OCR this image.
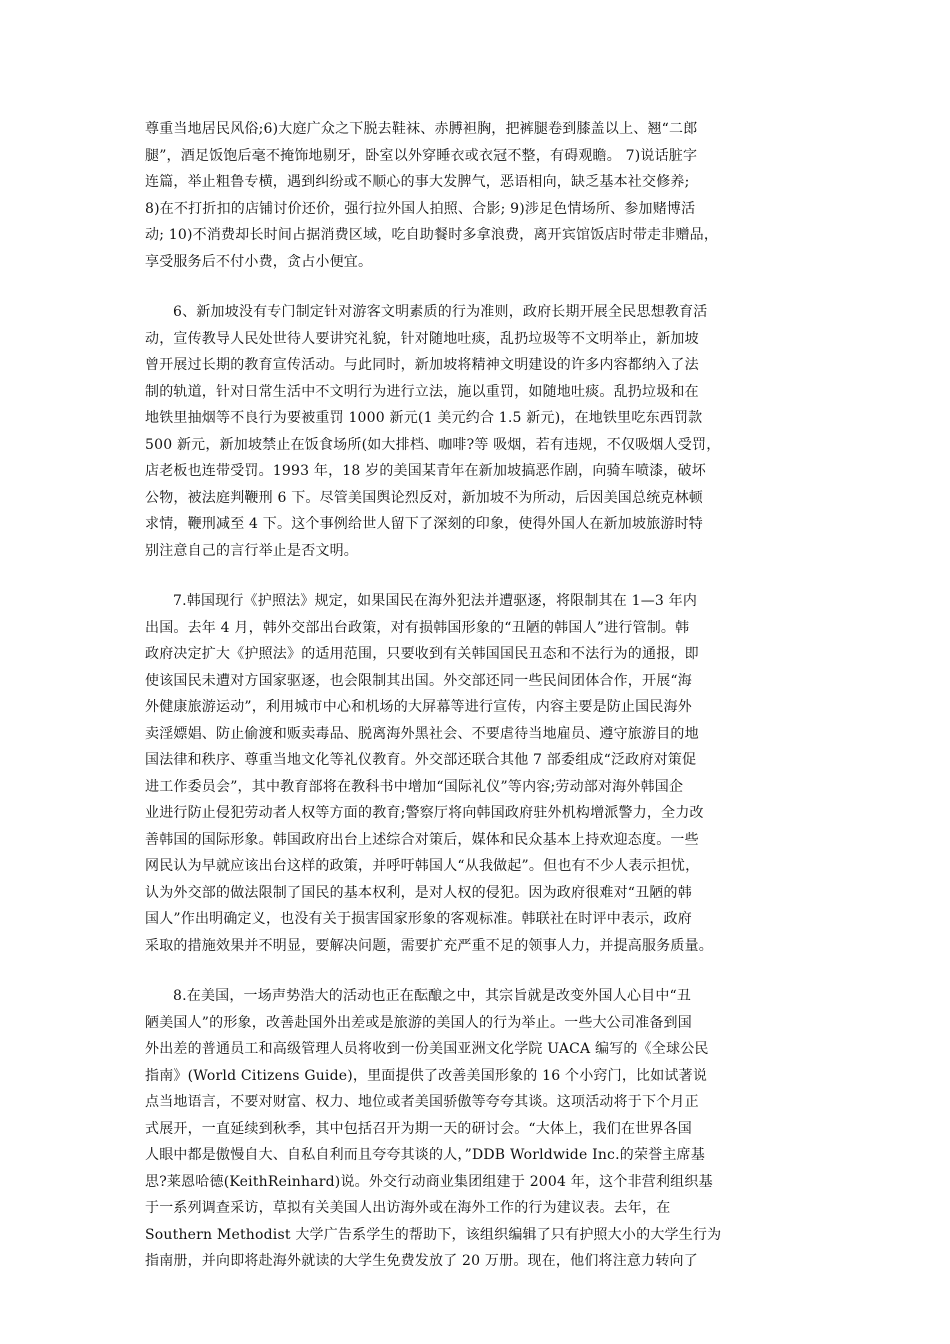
尊重当地居民风俗;6)大庭广众之下脱去鞋袜、赤膊袒胸，把裤腿卷到膝盖以上、翘“二郎
腿”，酒足饭饱后毫不掩饰地剔牙，卧室以外穿睡衣或衣冠不整，有碍观瞻。 7)说话脏字
连篇，举止粗鲁专横，遇到纠纷或不顺心的事大发脾气，恶语相向，缺乏基本社交修养;
8)在不打折扣的店铺讨价还价，强行拉外国人拍照、合影; 9)涉足色情场所、参加赌博活
动; 10)不消费却长时间占据消费区域，吃自助餐时多拿浪费，离开宾馆饭店时带走非赠品，
享受服务后不付小费，贪占小便宜。

6、新加坡没有专门制定针对游客文明素质的行为准则，政府长期开展全民思想教育活
动，宣传教导人民处世待人要讲究礼貌，针对随地吐痰，乱扔垃圾等不文明举止，新加坡
曾开展过长期的教育宣传活动。与此同时，新加坡将精神文明建设的许多内容都纳入了法
制的轨道，针对日常生活中不文明行为进行立法，施以重罚，如随地吐痰。乱扔垃圾和在
地铁里抽烟等不良行为要被重罚 1000 新元(1 美元约合 1.5 新元)，在地铁里吃东西罚款
500 新元，新加坡禁止在饭食场所(如大排档、咖啡?等 吸烟，若有违规，不仅吸烟人受罚，
店老板也连带受罚。1993 年，18 岁的美国某青年在新加坡搞恶作剧，向骑车喷漆，破坏
公物，被法庭判鞭刑 6 下。尽管美国舆论烈反对，新加坡不为所动，后因美国总统克林顿
求情，鞭刑减至 4 下。这个事例给世人留下了深刻的印象，使得外国人在新加坡旅游时特
别注意自己的言行举止是否文明。

7.韩国现行《护照法》规定，如果国民在海外犯法并遭驱逐，将限制其在 1—3 年内
出国。去年 4 月，韩外交部出台政策，对有损韩国形象的“丑陋的韩国人”进行管制。韩
政府决定扩大《护照法》的适用范围，只要收到有关韩国国民丑态和不法行为的通报，即
使该国民未遭对方国家驱逐，也会限制其出国。外交部还同一些民间团体合作，开展“海
外健康旅游运动”，利用城市中心和机场的大屏幕等进行宣传，内容主要是防止国民海外
卖淫嫖娼、防止偷渡和贩卖毒品、脱离海外黑社会、不要虐待当地雇员、遵守旅游目的地
国法律和秩序、尊重当地文化等礼仪教育。外交部还联合其他 7 部委组成“泛政府对策促
进工作委员会”，其中教育部将在教科书中增加“国际礼仪”等内容;劳动部对海外韩国企
业进行防止侵犯劳动者人权等方面的教育;警察厅将向韩国政府驻外机构增派警力，全力改
善韩国的国际形象。韩国政府出台上述综合对策后，媒体和民众基本上持欢迎态度。一些
网民认为早就应该出台这样的政策，并呼吁韩国人“从我做起”。但也有不少人表示担忧，
认为外交部的做法限制了国民的基本权利，是对人权的侵犯。因为政府很难对“丑陋的韩
国人”作出明确定义，也没有关于损害国家形象的客观标准。韩联社在时评中表示，政府
采取的措施效果并不明显，要解决问题，需要扩充严重不足的领事人力，并提高服务质量。

8.在美国，一场声势浩大的活动也正在酝酿之中，其宗旨就是改变外国人心目中“丑
陋美国人”的形象，改善赴国外出差或是旅游的美国人的行为举止。一些大公司准备到国
外出差的普通员工和高级管理人员将收到一份美国亚洲文化学院 UACA 编写的《全球公民
指南》(World Citizens Guide)，里面提供了改善美国形象的 16 个小窍门，比如试著说
点当地语言，不要对财富、权力、地位或者美国骄傲等夸夸其谈。这项活动将于下个月正
式展开，一直延续到秋季，其中包括召开为期一天的研讨会。“大体上，我们在世界各国
人眼中都是傲慢自大、自私自利而且夸夸其谈的人，”DDB Worldwide Inc.的荣誉主席基
思?莱恩哈德(KeithReinhard)说。外交行动商业集团组建于 2004 年，这个非营利组织基
于一系列调查采访，草拟有关美国人出访海外或在海外工作的行为建议表。去年，在
Southern Methodist 大学广告系学生的帮助下，该组织编辑了只有护照大小的大学生行为
指南册，并向即将赴海外就读的大学生免费发放了 20 万册。现在，他们将注意力转向了
